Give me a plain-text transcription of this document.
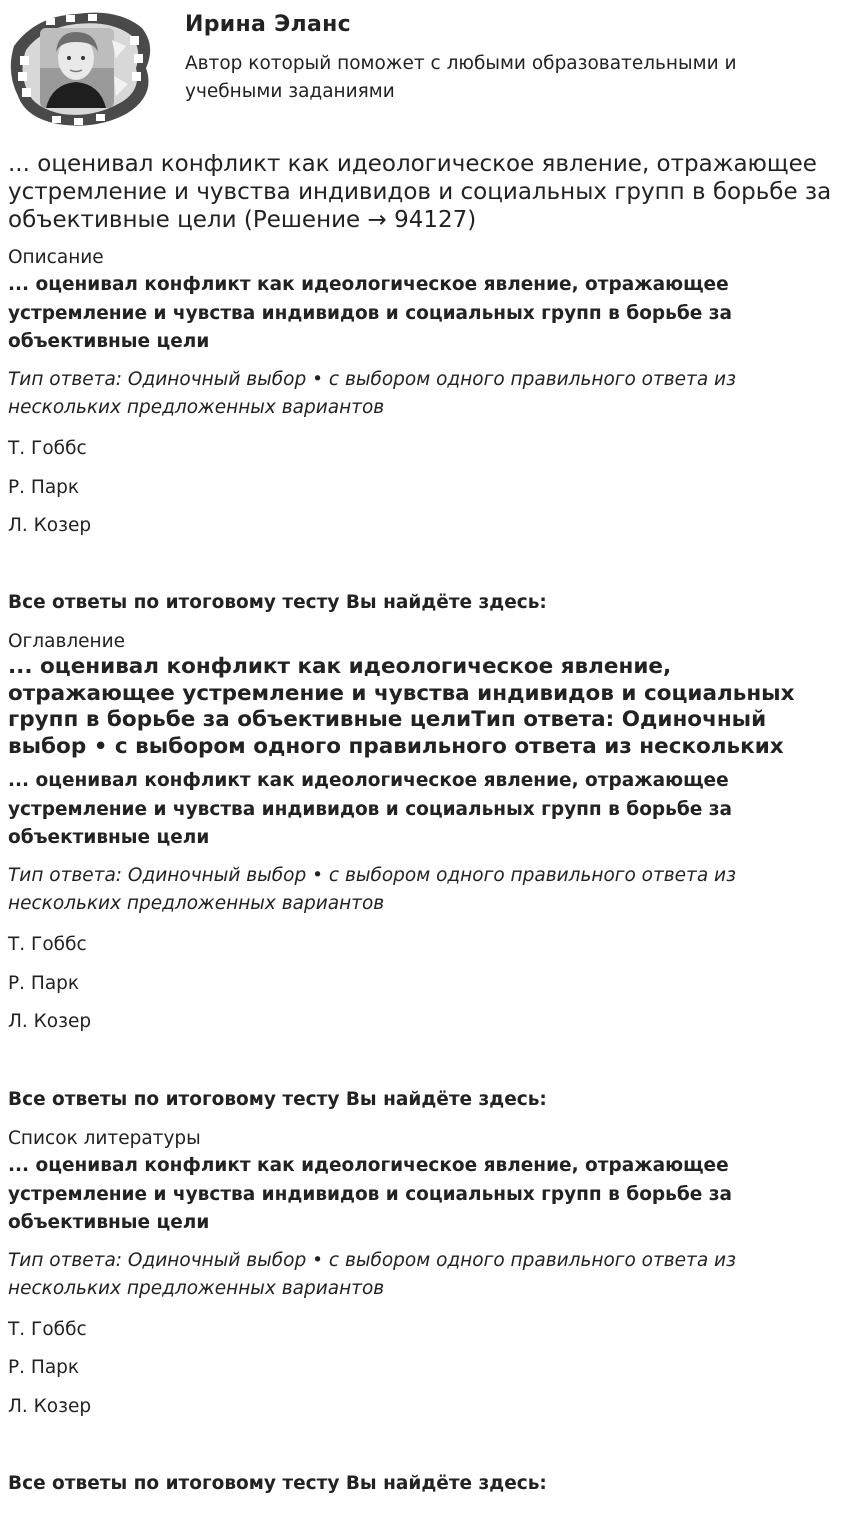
Ирина Эланс
Автор который поможет с любыми образовательными и учебными заданиями
... оценивал конфликт как идеологическое явление, отражающее устремление и чувства индивидов и социальных групп в борьбе за объективные цели (Решение → 94127)

Описание

... оценивал конфликт как идеологическое явление, отражающее устремление и чувства индивидов и социальных групп в борьбе за объективные цели

Тип ответа: Одиночный выбор • с выбором одного правильного ответа из нескольких предложенных вариантов

Т. Гоббс

Р. Парк

Л. Козер

Все ответы по итоговому тесту Вы найдёте здесь:

Оглавление

... оценивал конфликт как идеологическое явление, отражающее устремление и чувства индивидов и социальных групп в борьбе за объективные целиТип ответа: Одиночный выбор • с выбором одного правильного ответа из нескольких

... оценивал конфликт как идеологическое явление, отражающее устремление и чувства индивидов и социальных групп в борьбе за объективные цели

Тип ответа: Одиночный выбор • с выбором одного правильного ответа из нескольких предложенных вариантов

Т. Гоббс

Р. Парк

Л. Козер

Все ответы по итоговому тесту Вы найдёте здесь:

Список литературы

... оценивал конфликт как идеологическое явление, отражающее устремление и чувства индивидов и социальных групп в борьбе за объективные цели

Тип ответа: Одиночный выбор • с выбором одного правильного ответа из нескольких предложенных вариантов

Т. Гоббс

Р. Парк

Л. Козер

Все ответы по итоговому тесту Вы найдёте здесь:
